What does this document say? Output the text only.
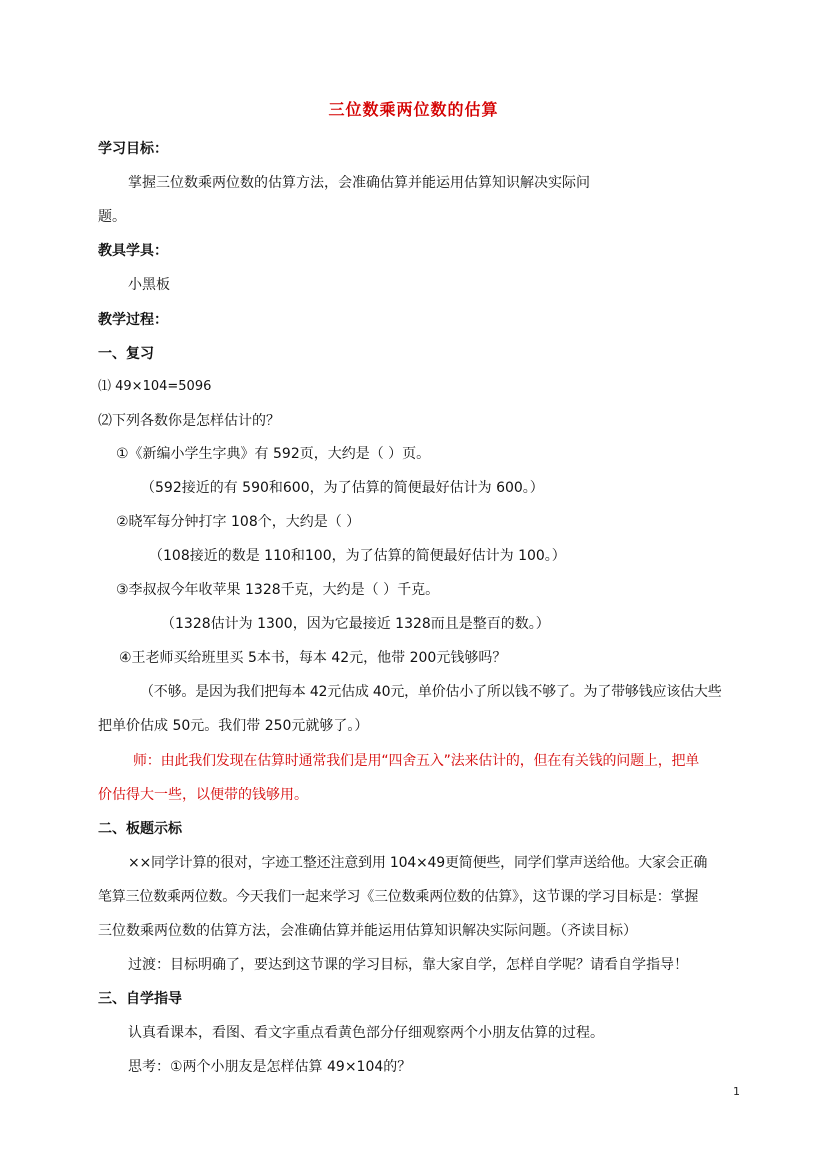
三位数乘两位数的估算
学习目标：
掌握三位数乘两位数的估算方法，会准确估算并能运用估算知识解决实际问
题。
教具学具：
小黑板
教学过程：
一、复习
⑴ 49×104=5096
⑵下列各数你是怎样估计的？
①《新编小学生字典》有 592页，大约是（ ）页。
（592接近的有 590和600，为了估算的简便最好估计为 600。）
②晓军每分钟打字 108个，大约是（ ）
（108接近的数是 110和100，为了估算的简便最好估计为 100。）
③李叔叔今年收苹果 1328千克，大约是（ ）千克。
（1328估计为 1300，因为它最接近 1328而且是整百的数。）
④王老师买给班里买 5本书，每本 42元，他带 200元钱够吗？
（不够。是因为我们把每本 42元估成 40元，单价估小了所以钱不够了。为了带够钱应该估大些
把单价估成 50元。我们带 250元就够了。）
师：由此我们发现在估算时通常我们是用“四舍五入”法来估计的，但在有关钱的问题上，把单
价估得大一些，以便带的钱够用。
二、板题示标
××同学计算的很对，字迹工整还注意到用 104×49更简便些，同学们掌声送给他。大家会正确
笔算三位数乘两位数。今天我们一起来学习《三位数乘两位数的估算》，这节课的学习目标是：掌握
三位数乘两位数的估算方法，会准确估算并能运用估算知识解决实际问题。（齐读目标）
过渡：目标明确了，要达到这节课的学习目标，靠大家自学，怎样自学呢？请看自学指导！
三、自学指导
认真看课本，看图、看文字重点看黄色部分仔细观察两个小朋友估算的过程。
思考：①两个小朋友是怎样估算 49×104的？
1
